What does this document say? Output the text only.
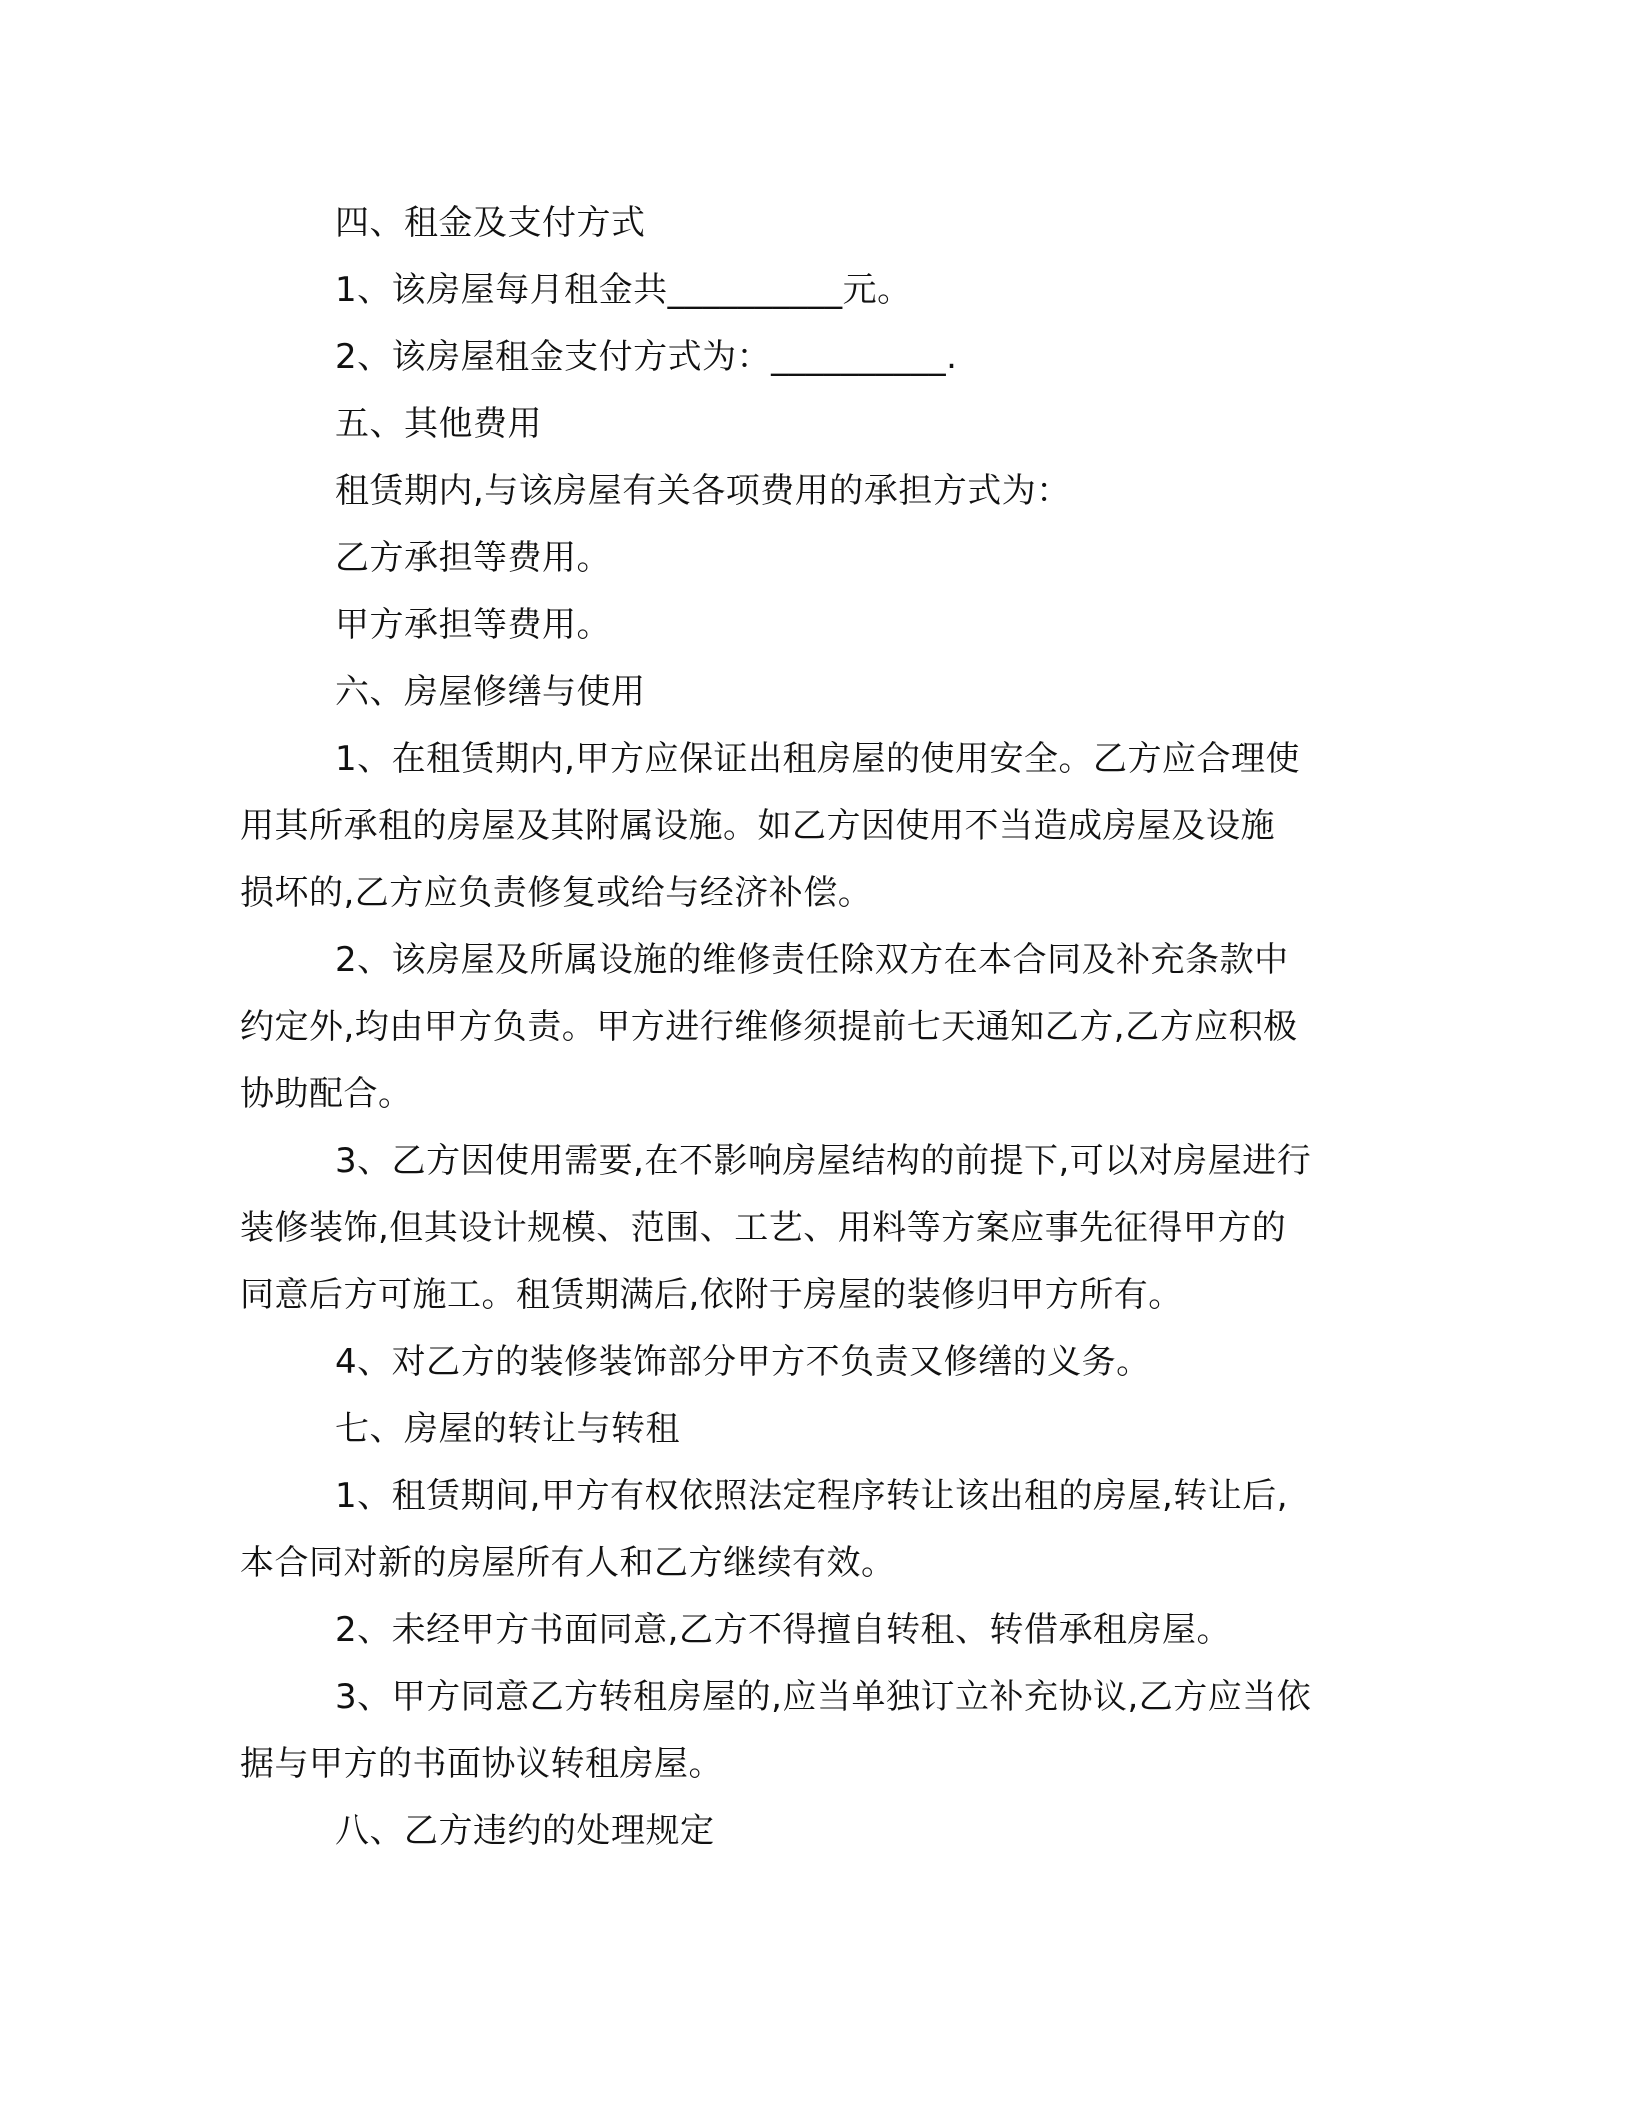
四、租金及支付方式

1、该房屋每月租金共__________元。

2、该房屋租金支付方式为：__________.

五、其他费用

租赁期内,与该房屋有关各项费用的承担方式为：

乙方承担等费用。

甲方承担等费用。

六、房屋修缮与使用

1、在租赁期内,甲方应保证出租房屋的使用安全。乙方应合理使

用其所承租的房屋及其附属设施。如乙方因使用不当造成房屋及设施

损坏的,乙方应负责修复或给与经济补偿。

2、该房屋及所属设施的维修责任除双方在本合同及补充条款中

约定外,均由甲方负责。甲方进行维修须提前七天通知乙方,乙方应积极

协助配合。

3、乙方因使用需要,在不影响房屋结构的前提下,可以对房屋进行

装修装饰,但其设计规模、范围、工艺、用料等方案应事先征得甲方的

同意后方可施工。租赁期满后,依附于房屋的装修归甲方所有。

4、对乙方的装修装饰部分甲方不负责又修缮的义务。

七、房屋的转让与转租

1、租赁期间,甲方有权依照法定程序转让该出租的房屋,转让后,

本合同对新的房屋所有人和乙方继续有效。

2、未经甲方书面同意,乙方不得擅自转租、转借承租房屋。

3、甲方同意乙方转租房屋的,应当单独订立补充协议,乙方应当依

据与甲方的书面协议转租房屋。

八、乙方违约的处理规定
